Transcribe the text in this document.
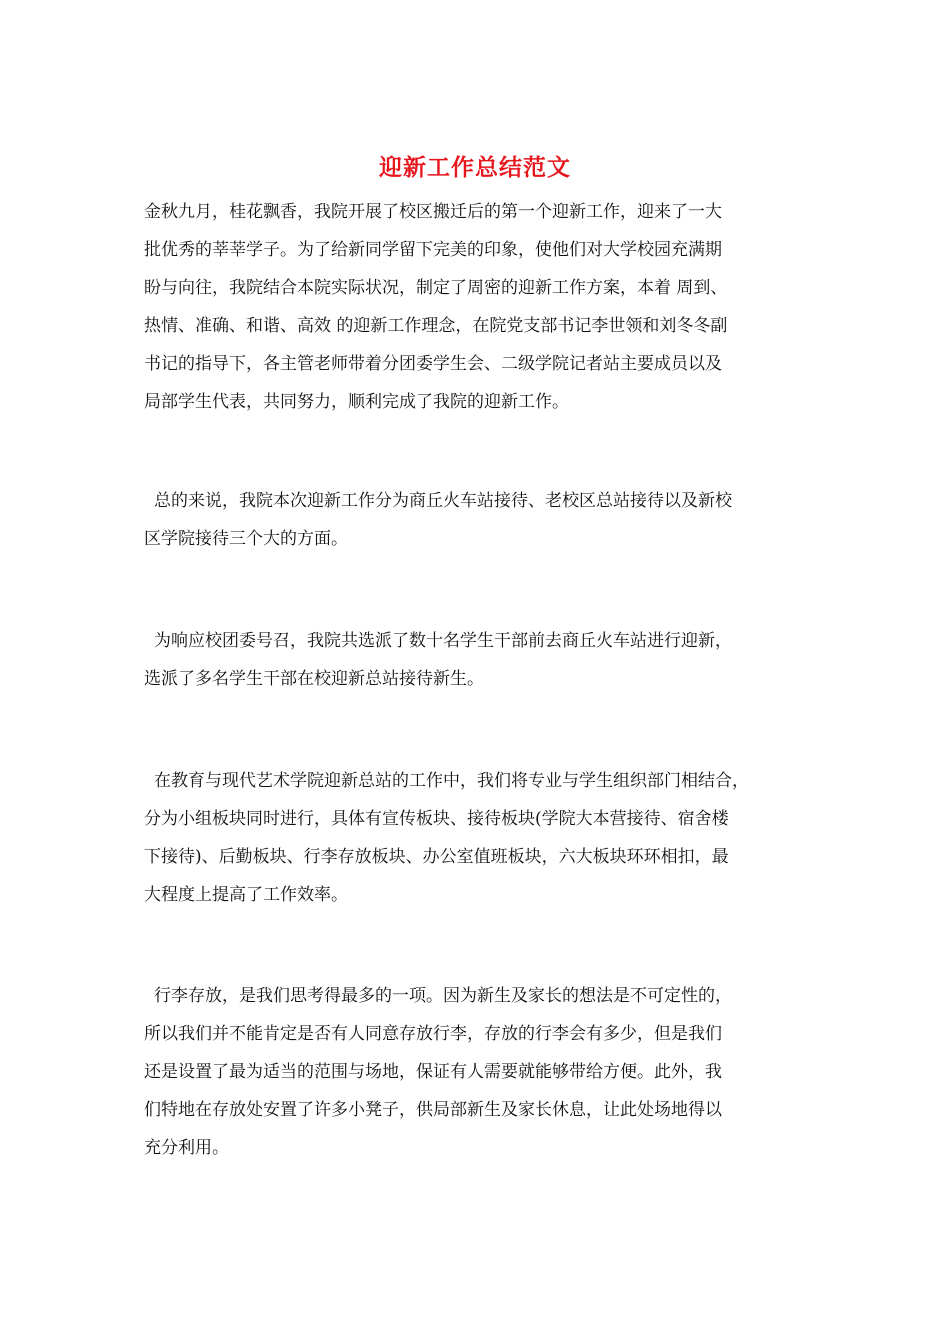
迎新工作总结范文

金秋九月，桂花飘香，我院开展了校区搬迁后的第一个迎新工作，迎来了一大
批优秀的莘莘学子。为了给新同学留下完美的印象，使他们对大学校园充满期
盼与向往，我院结合本院实际状况，制定了周密的迎新工作方案，本着 周到、
热情、准确、和谐、高效 的迎新工作理念，在院党支部书记李世领和刘冬冬副
书记的指导下，各主管老师带着分团委学生会、二级学院记者站主要成员以及
局部学生代表，共同努力，顺利完成了我院的迎新工作。

总的来说，我院本次迎新工作分为商丘火车站接待、老校区总站接待以及新校
区学院接待三个大的方面。

为响应校团委号召，我院共选派了数十名学生干部前去商丘火车站进行迎新，
选派了多名学生干部在校迎新总站接待新生。

在教育与现代艺术学院迎新总站的工作中，我们将专业与学生组织部门相结合，
分为小组板块同时进行，具体有宣传板块、接待板块(学院大本营接待、宿舍楼
下接待)、后勤板块、行李存放板块、办公室值班板块，六大板块环环相扣，最
大程度上提高了工作效率。

行李存放，是我们思考得最多的一项。因为新生及家长的想法是不可定性的，
所以我们并不能肯定是否有人同意存放行李，存放的行李会有多少，但是我们
还是设置了最为适当的范围与场地，保证有人需要就能够带给方便。此外，我
们特地在存放处安置了许多小凳子，供局部新生及家长休息，让此处场地得以
充分利用。
